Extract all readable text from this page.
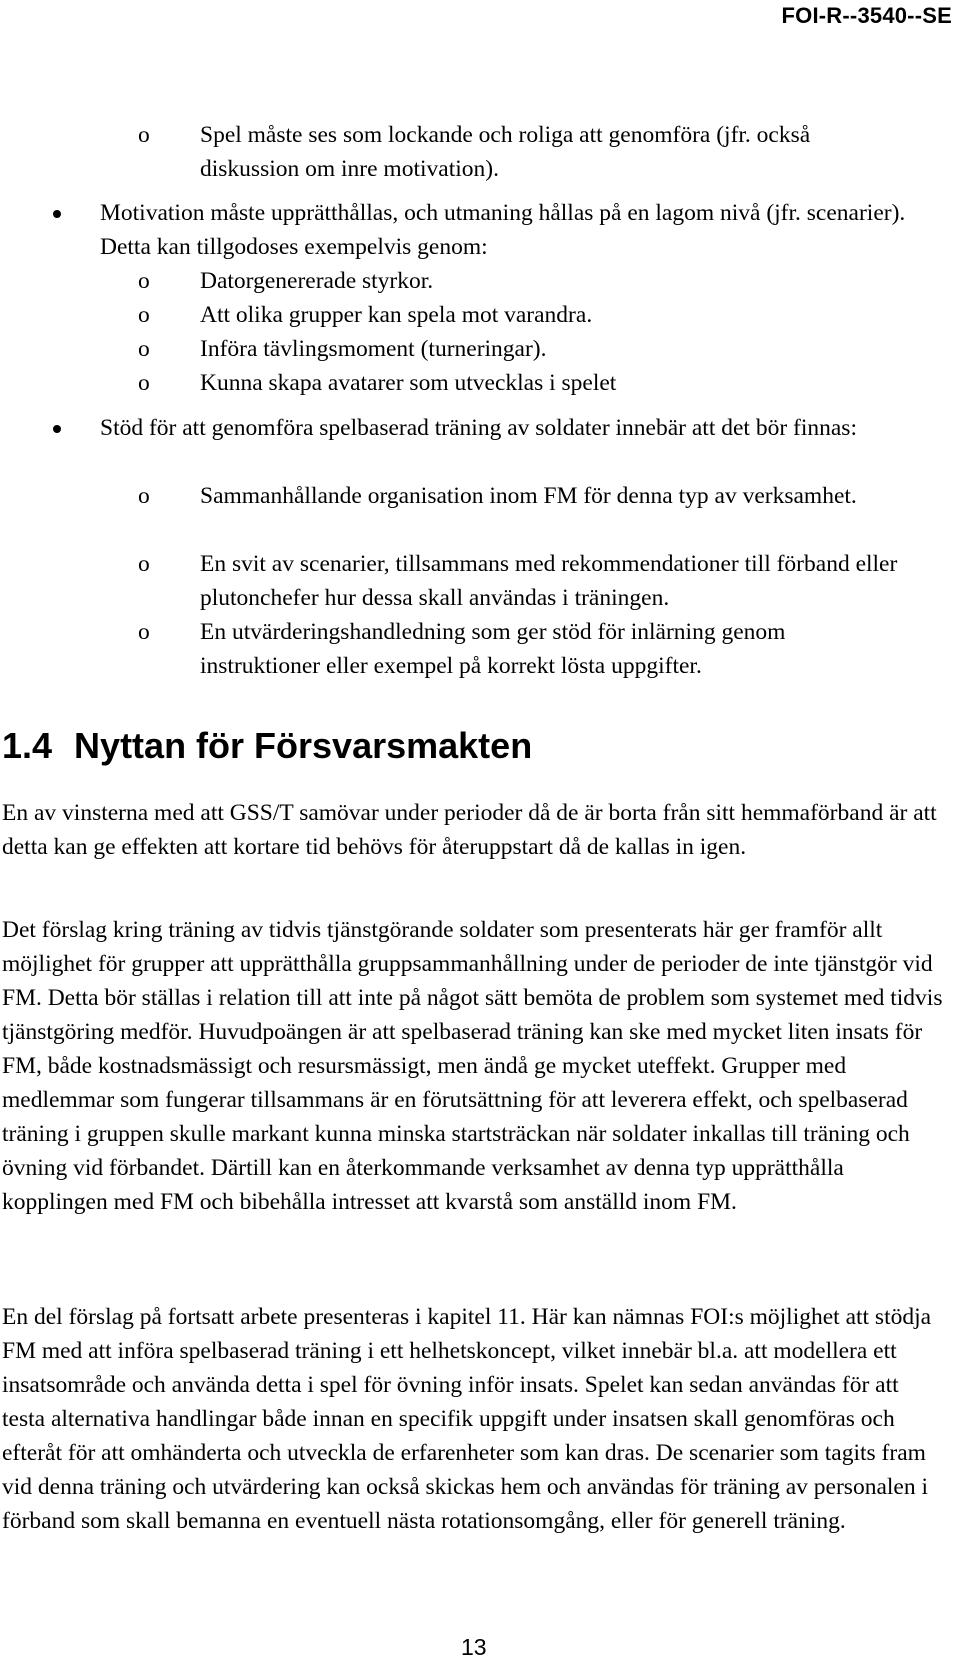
FOI-R--3540--SE
o Spel måste ses som lockande och roliga att genomföra (jfr. också diskussion om inre motivation).
Motivation måste upprätthållas, och utmaning hållas på en lagom nivå (jfr. scenarier). Detta kan tillgodoses exempelvis genom:
o Datorgenererade styrkor.
o Att olika grupper kan spela mot varandra.
o Införa tävlingsmoment (turneringar).
o Kunna skapa avatarer som utvecklas i spelet
Stöd för att genomföra spelbaserad träning av soldater innebär att det bör finnas:
o Sammanhållande organisation inom FM för denna typ av verksamhet.
o En svit av scenarier, tillsammans med rekommendationer till förband eller plutonchefer hur dessa skall användas i träningen.
o En utvärderingshandledning som ger stöd för inlärning genom instruktioner eller exempel på korrekt lösta uppgifter.
1.4 Nyttan för Försvarsmakten

En av vinsterna med att GSS/T samövar under perioder då de är borta från sitt hemmaförband är att detta kan ge effekten att kortare tid behövs för återuppstart då de kallas in igen.

Det förslag kring träning av tidvis tjänstgörande soldater som presenterats här ger framför allt möjlighet för grupper att upprätthålla gruppsammanhållning under de perioder de inte tjänstgör vid FM. Detta bör ställas i relation till att inte på något sätt bemöta de problem som systemet med tidvis tjänstgöring medför. Huvudpoängen är att spelbaserad träning kan ske med mycket liten insats för FM, både kostnadsmässigt och resursmässigt, men ändå ge mycket uteffekt. Grupper med medlemmar som fungerar tillsammans är en förutsättning för att leverera effekt, och spelbaserad träning i gruppen skulle markant kunna minska startsträckan när soldater inkallas till träning och övning vid förbandet. Därtill kan en återkommande verksamhet av denna typ upprätthålla kopplingen med FM och bibehålla intresset att kvarstå som anställd inom FM.

En del förslag på fortsatt arbete presenteras i kapitel 11. Här kan nämnas FOI:s möjlighet att stödja FM med att införa spelbaserad träning i ett helhetskoncept, vilket innebär bl.a. att modellera ett insatsområde och använda detta i spel för övning inför insats. Spelet kan sedan användas för att testa alternativa handlingar både innan en specifik uppgift under insatsen skall genomföras och efteråt för att omhänderta och utveckla de erfarenheter som kan dras. De scenarier som tagits fram vid denna träning och utvärdering kan också skickas hem och användas för träning av personalen i förband som skall bemanna en eventuell nästa rotationsomgång, eller för generell träning.

13
